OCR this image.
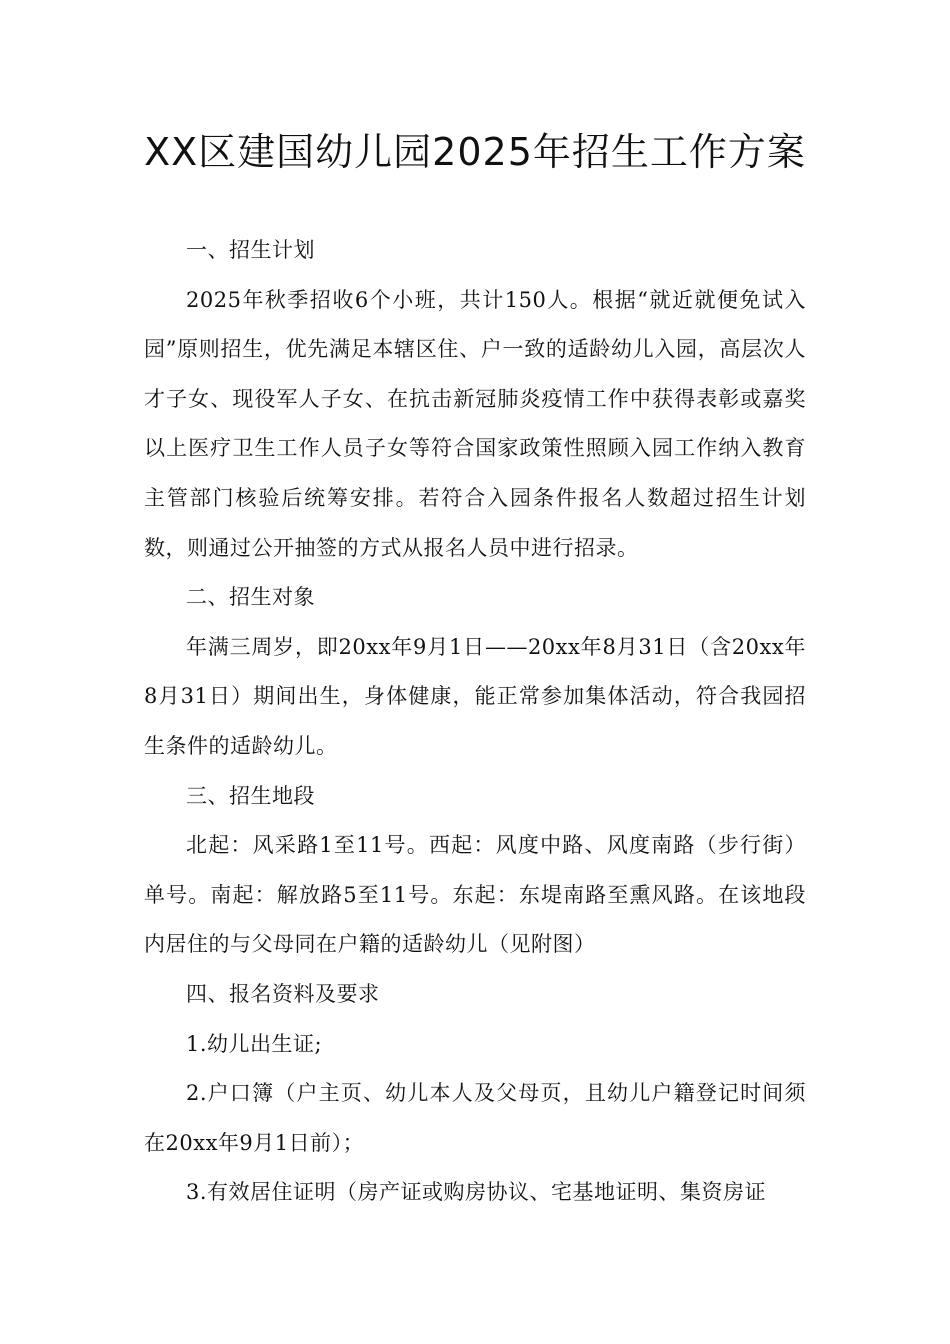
XX区建国幼儿园2025年招生工作方案

一、招生计划

2025年秋季招收6个小班，共计150人。根据“就近就便免试入园”原则招生，优先满足本辖区住、户一致的适龄幼儿入园，高层次人才子女、现役军人子女、在抗击新冠肺炎疫情工作中获得表彰或嘉奖以上医疗卫生工作人员子女等符合国家政策性照顾入园工作纳入教育主管部门核验后统筹安排。若符合入园条件报名人数超过招生计划数，则通过公开抽签的方式从报名人员中进行招录。

二、招生对象

年满三周岁，即20xx年9月1日——20xx年8月31日（含20xx年8月31日）期间出生，身体健康，能正常参加集体活动，符合我园招生条件的适龄幼儿。

三、招生地段

北起：风采路1至11号。西起：风度中路、风度南路（步行街）单号。南起：解放路5至11号。东起：东堤南路至熏风路。在该地段内居住的与父母同在户籍的适龄幼儿（见附图）

四、报名资料及要求

1.幼儿出生证;

2.户口簿（户主页、幼儿本人及父母页，且幼儿户籍登记时间须在20xx年9月1日前）；

3.有效居住证明（房产证或购房协议、宅基地证明、集资房证
